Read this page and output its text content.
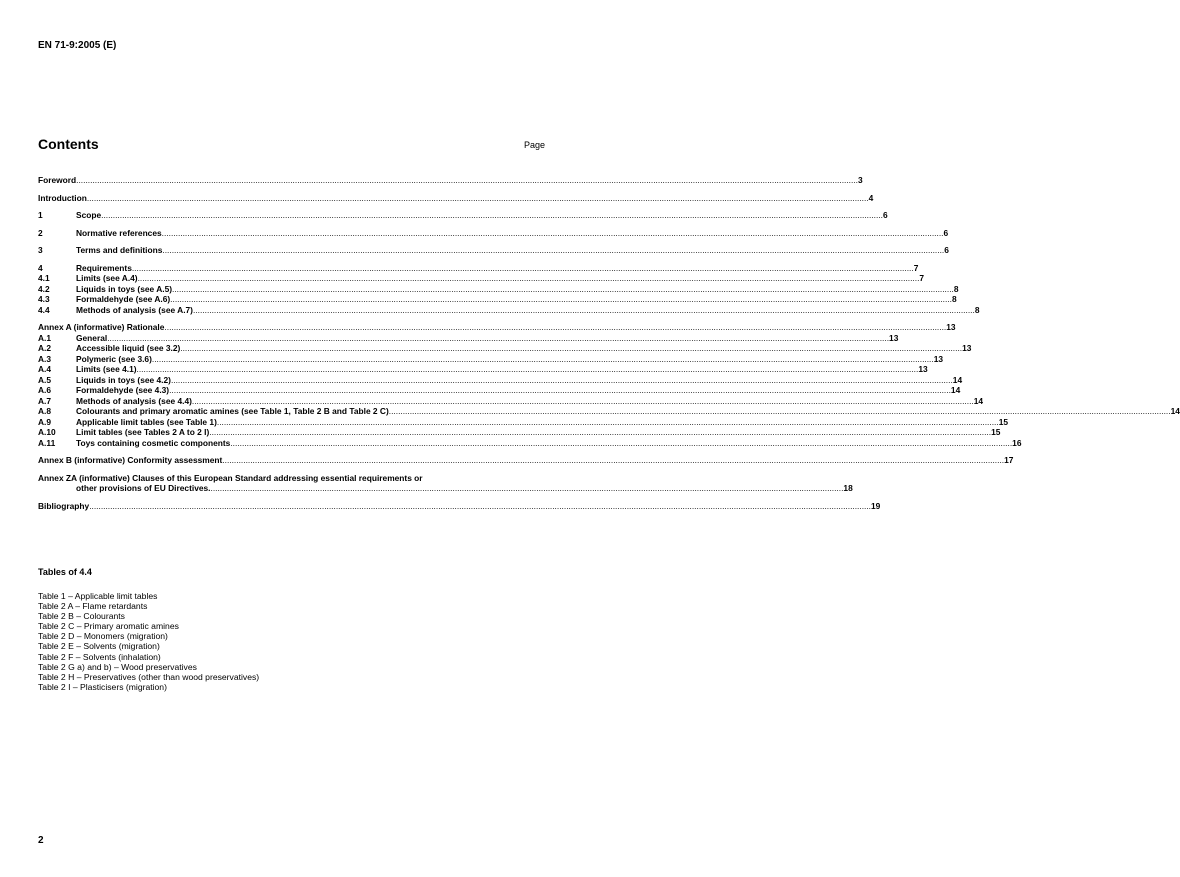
EN 71-9:2005 (E)
Contents	Page
Foreword .....	3
Introduction .....	4
1	Scope .....	6
2	Normative references .....	6
3	Terms and definitions .....	6
4	Requirements .....	7
4.1	Limits (see A.4) .....	7
4.2	Liquids in toys (see A.5) .....	8
4.3	Formaldehyde (see A.6) .....	8
4.4	Methods of analysis (see A.7) .....	8
Annex A (informative) Rationale .....	13
A.1	General .....	13
A.2	Accessible liquid (see 3.2) .....	13
A.3	Polymeric (see 3.6) .....	13
A.4	Limits (see 4.1) .....	13
A.5	Liquids in toys (see 4.2) .....	14
A.6	Formaldehyde (see 4.3) .....	14
A.7	Methods of analysis (see 4.4) .....	14
A.8	Colourants and primary aromatic amines (see Table 1, Table 2 B and Table 2 C) .....	14
A.9	Applicable limit tables (see Table 1) .....	15
A.10	Limit tables (see Tables 2 A to 2 I) .....	15
A.11	Toys containing cosmetic components .....	16
Annex B (informative) Conformity assessment .....	17
Annex ZA (informative) Clauses of this European Standard addressing essential requirements or
other provisions of EU Directives. .....	18
Bibliography .....	19
Tables of 4.4
Table 1 – Applicable limit tables
Table 2 A – Flame retardants
Table 2 B – Colourants
Table 2 C – Primary aromatic amines
Table 2 D – Monomers (migration)
Table 2 E – Solvents (migration)
Table 2 F – Solvents (inhalation)
Table 2 G a) and b) – Wood preservatives
Table 2 H – Preservatives (other than wood preservatives)
Table 2 I – Plasticisers (migration)
2
